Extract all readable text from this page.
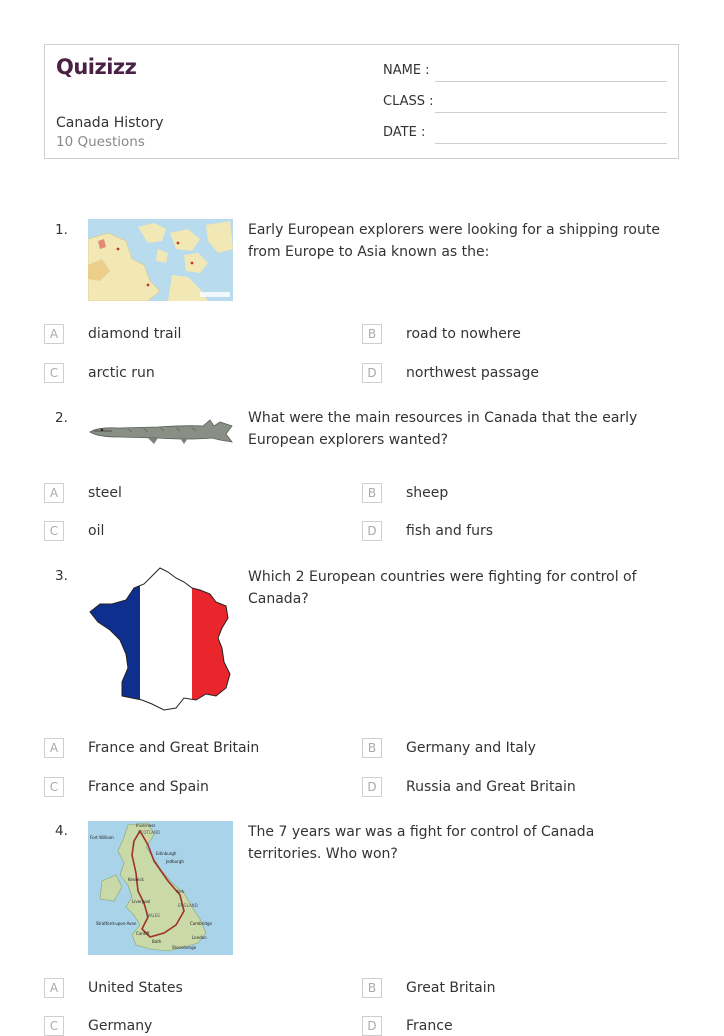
Quizizz
Canada History
10 Questions
NAME :
CLASS :
DATE :
1.	Early European explorers were looking for a shipping route from Europe to Asia known as the:
A	diamond trail	B	road to nowhere
C	arctic run	D	northwest passage
2.	What were the main resources in Canada that the early European explorers wanted?
A	steel	B	sheep
C	oil	D	fish and furs
3.	Which 2 European countries were fighting for control of Canada?
A	France and Great Britain	B	Germany and Italy
C	France and Spain	D	Russia and Great Britain
4.	Inverness
SCOTLAND
Fort William
Edinburgh
Jedburgh
Keswick
York
Liverpool
ENGLAND
WALES
Stratford-upon-Avon	Cambridge
Cardiff
Bath
London
Stonehenge
The 7 years war was a fight for control of Canada territories. Who won?
A	United States	B	Great Britain
C	Germany	D	France
